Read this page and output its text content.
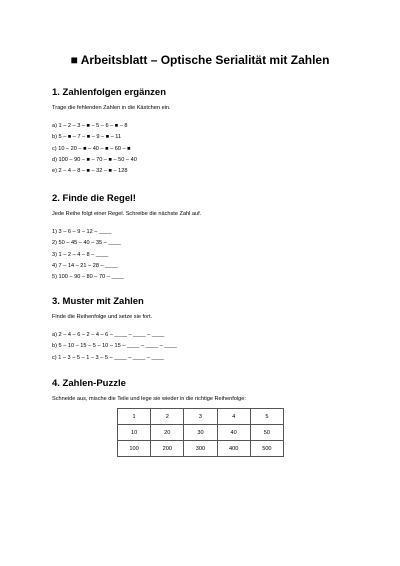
■ Arbeitsblatt – Optische Serialität mit Zahlen
1. Zahlenfolgen ergänzen
Trage die fehlenden Zahlen in die Kästchen ein.
a) 1 – 2 – 3 – ■ – 5 – 6 – ■ – 8
b) 5 – ■ – 7 – ■ – 9 – ■ – 11
c) 10 – 20 – ■ – 40 – ■ – 60 – ■
d) 100 – 90 – ■ – 70 – ■ – 50 – 40
e) 2 – 4 – 8 – ■ – 32 – ■ – 128
2. Finde die Regel!
Jede Reihe folgt einer Regel. Schreibe die nächste Zahl auf.
1) 3 – 6 – 9 – 12 – ____
2) 50 – 45 – 40 – 35 – ____
3) 1 – 2 – 4 – 8 – ____
4) 7 – 14 – 21 – 28 – ____
5) 100 – 90 – 80 – 70 – ____
3. Muster mit Zahlen
Finde die Reihenfolge und setze sie fort.
a) 2 – 4 – 6 – 2 – 4 – 6 – ____ – ____ – ____
b) 5 – 10 – 15 – 5 – 10 – 15 – ____ – ____ – ____
c) 1 – 3 – 5 – 1 – 3 – 5 – ____ – ____ – ____
4. Zahlen-Puzzle
Schneide aus, mische die Teile und lege sie wieder in die richtige Reihenfolge:
1	2	3	4	5
10	20	30	40	50
100	200	300	400	500
